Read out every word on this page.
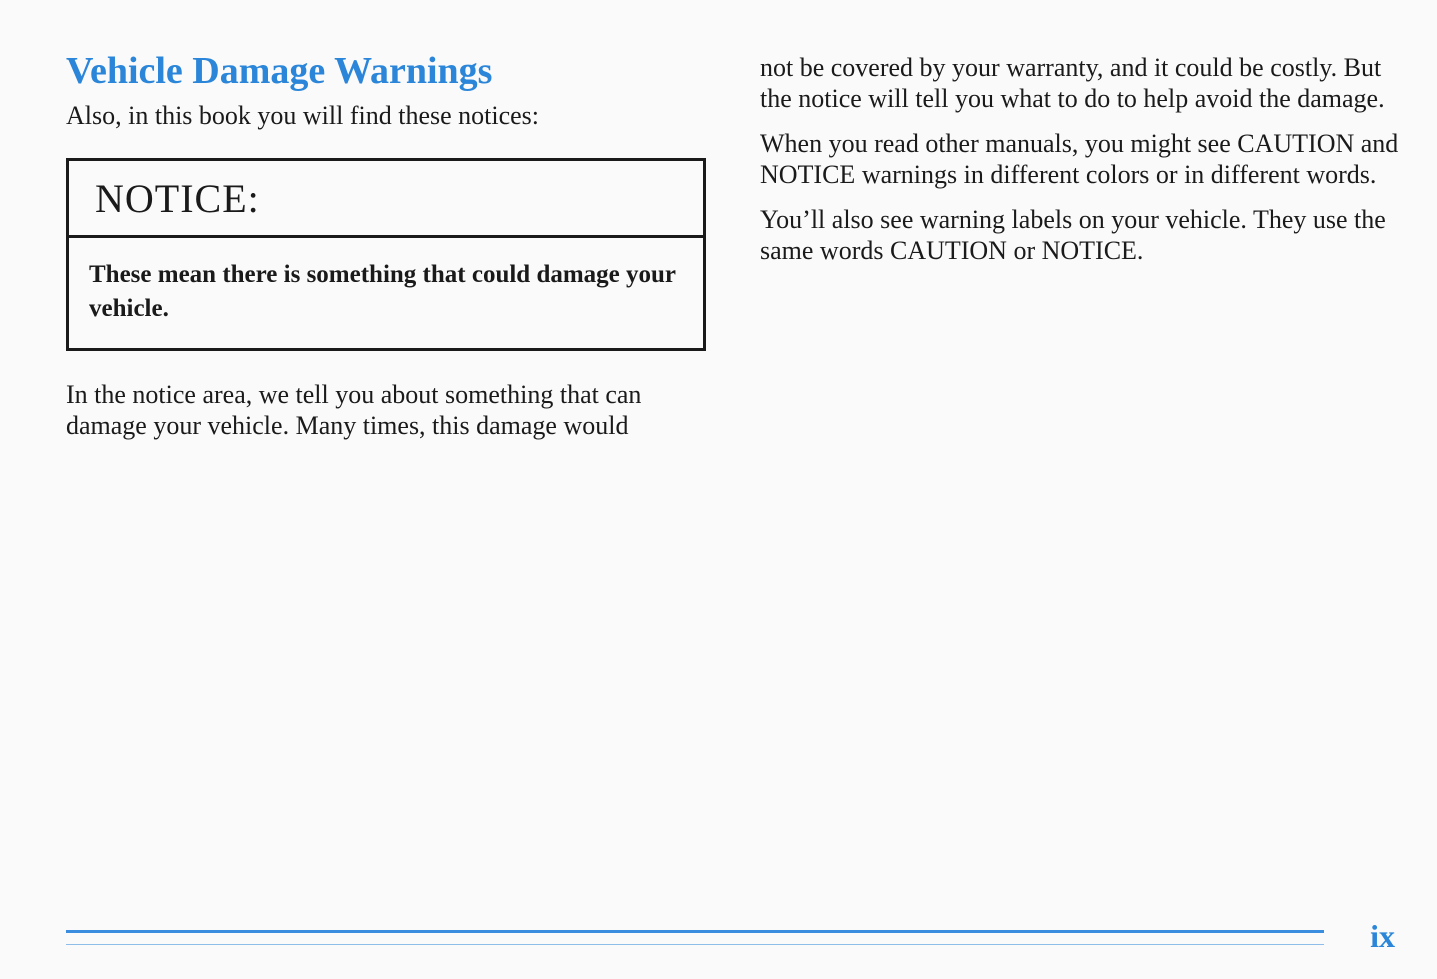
Vehicle Damage Warnings

Also, in this book you will find these notices:

NOTICE:
These mean there is something that could damage your vehicle.

In the notice area, we tell you about something that can damage your vehicle. Many times, this damage would

not be covered by your warranty, and it could be costly. But the notice will tell you what to do to help avoid the damage.

When you read other manuals, you might see CAUTION and NOTICE warnings in different colors or in different words.

You’ll also see warning labels on your vehicle. They use the same words CAUTION or NOTICE.

ix
